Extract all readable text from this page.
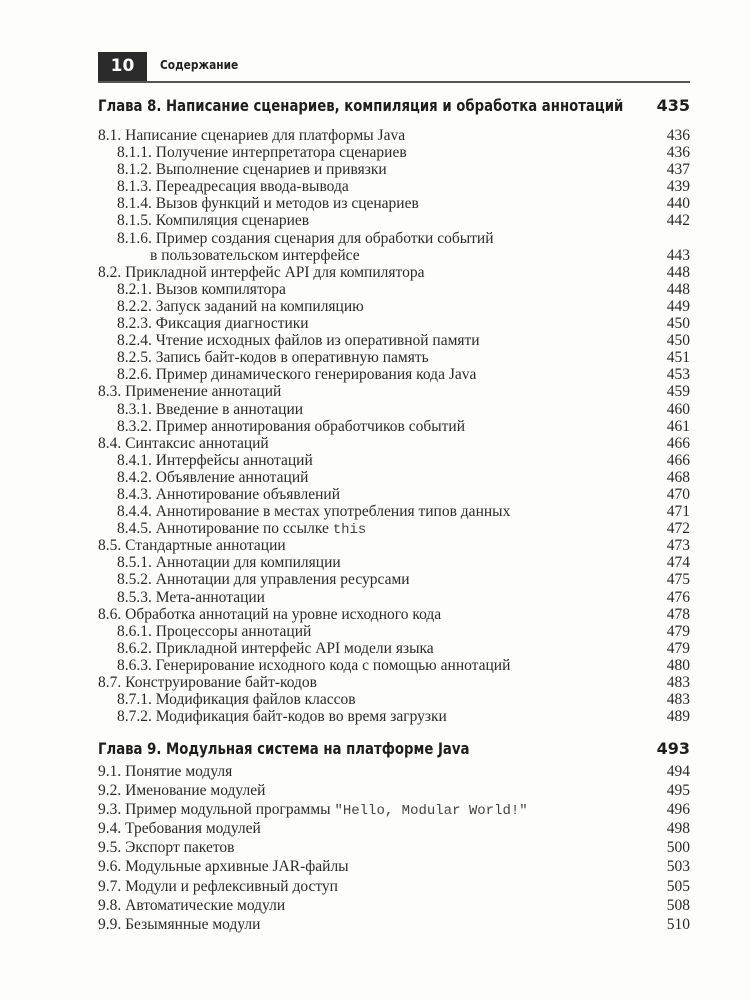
10	Содержание
Глава 8. Написание сценариев, компиляция и обработка аннотаций 435
8.1. Написание сценариев для платформы Java	436
8.1.1. Получение интерпретатора сценариев	436
8.1.2. Выполнение сценариев и привязки	437
8.1.3. Переадресация ввода-вывода	439
8.1.4. Вызов функций и методов из сценариев	440
8.1.5. Компиляция сценариев	442
8.1.6. Пример создания сценария для обработки событий
в пользовательском интерфейсе	443
8.2. Прикладной интерфейс API для компилятора	448
8.2.1. Вызов компилятора	448
8.2.2. Запуск заданий на компиляцию	449
8.2.3. Фиксация диагностики	450
8.2.4. Чтение исходных файлов из оперативной памяти	450
8.2.5. Запись байт-кодов в оперативную память	451
8.2.6. Пример динамического генерирования кода Java	453
8.3. Применение аннотаций	459
8.3.1. Введение в аннотации	460
8.3.2. Пример аннотирования обработчиков событий	461
8.4. Синтаксис аннотаций	466
8.4.1. Интерфейсы аннотаций	466
8.4.2. Объявление аннотаций	468
8.4.3. Аннотирование объявлений	470
8.4.4. Аннотирование в местах употребления типов данных	471
8.4.5. Аннотирование по ссылке this	472
8.5. Стандартные аннотации	473
8.5.1. Аннотации для компиляции	474
8.5.2. Аннотации для управления ресурсами	475
8.5.3. Мета-аннотации	476
8.6. Обработка аннотаций на уровне исходного кода	478
8.6.1. Процессоры аннотаций	479
8.6.2. Прикладной интерфейс API модели языка	479
8.6.3. Генерирование исходного кода с помощью аннотаций	480
8.7. Конструирование байт-кодов	483
8.7.1. Модификация файлов классов	483
8.7.2. Модификация байт-кодов во время загрузки	489
Глава 9. Модульная система на платформе Java	493
9.1. Понятие модуля	494
9.2. Именование модулей	495
9.3. Пример модульной программы "Hello, Modular World!"	496
9.4. Требования модулей	498
9.5. Экспорт пакетов	500
9.6. Модульные архивные JAR-файлы	503
9.7. Модули и рефлексивный доступ	505
9.8. Автоматические модули	508
9.9. Безымянные модули	510
